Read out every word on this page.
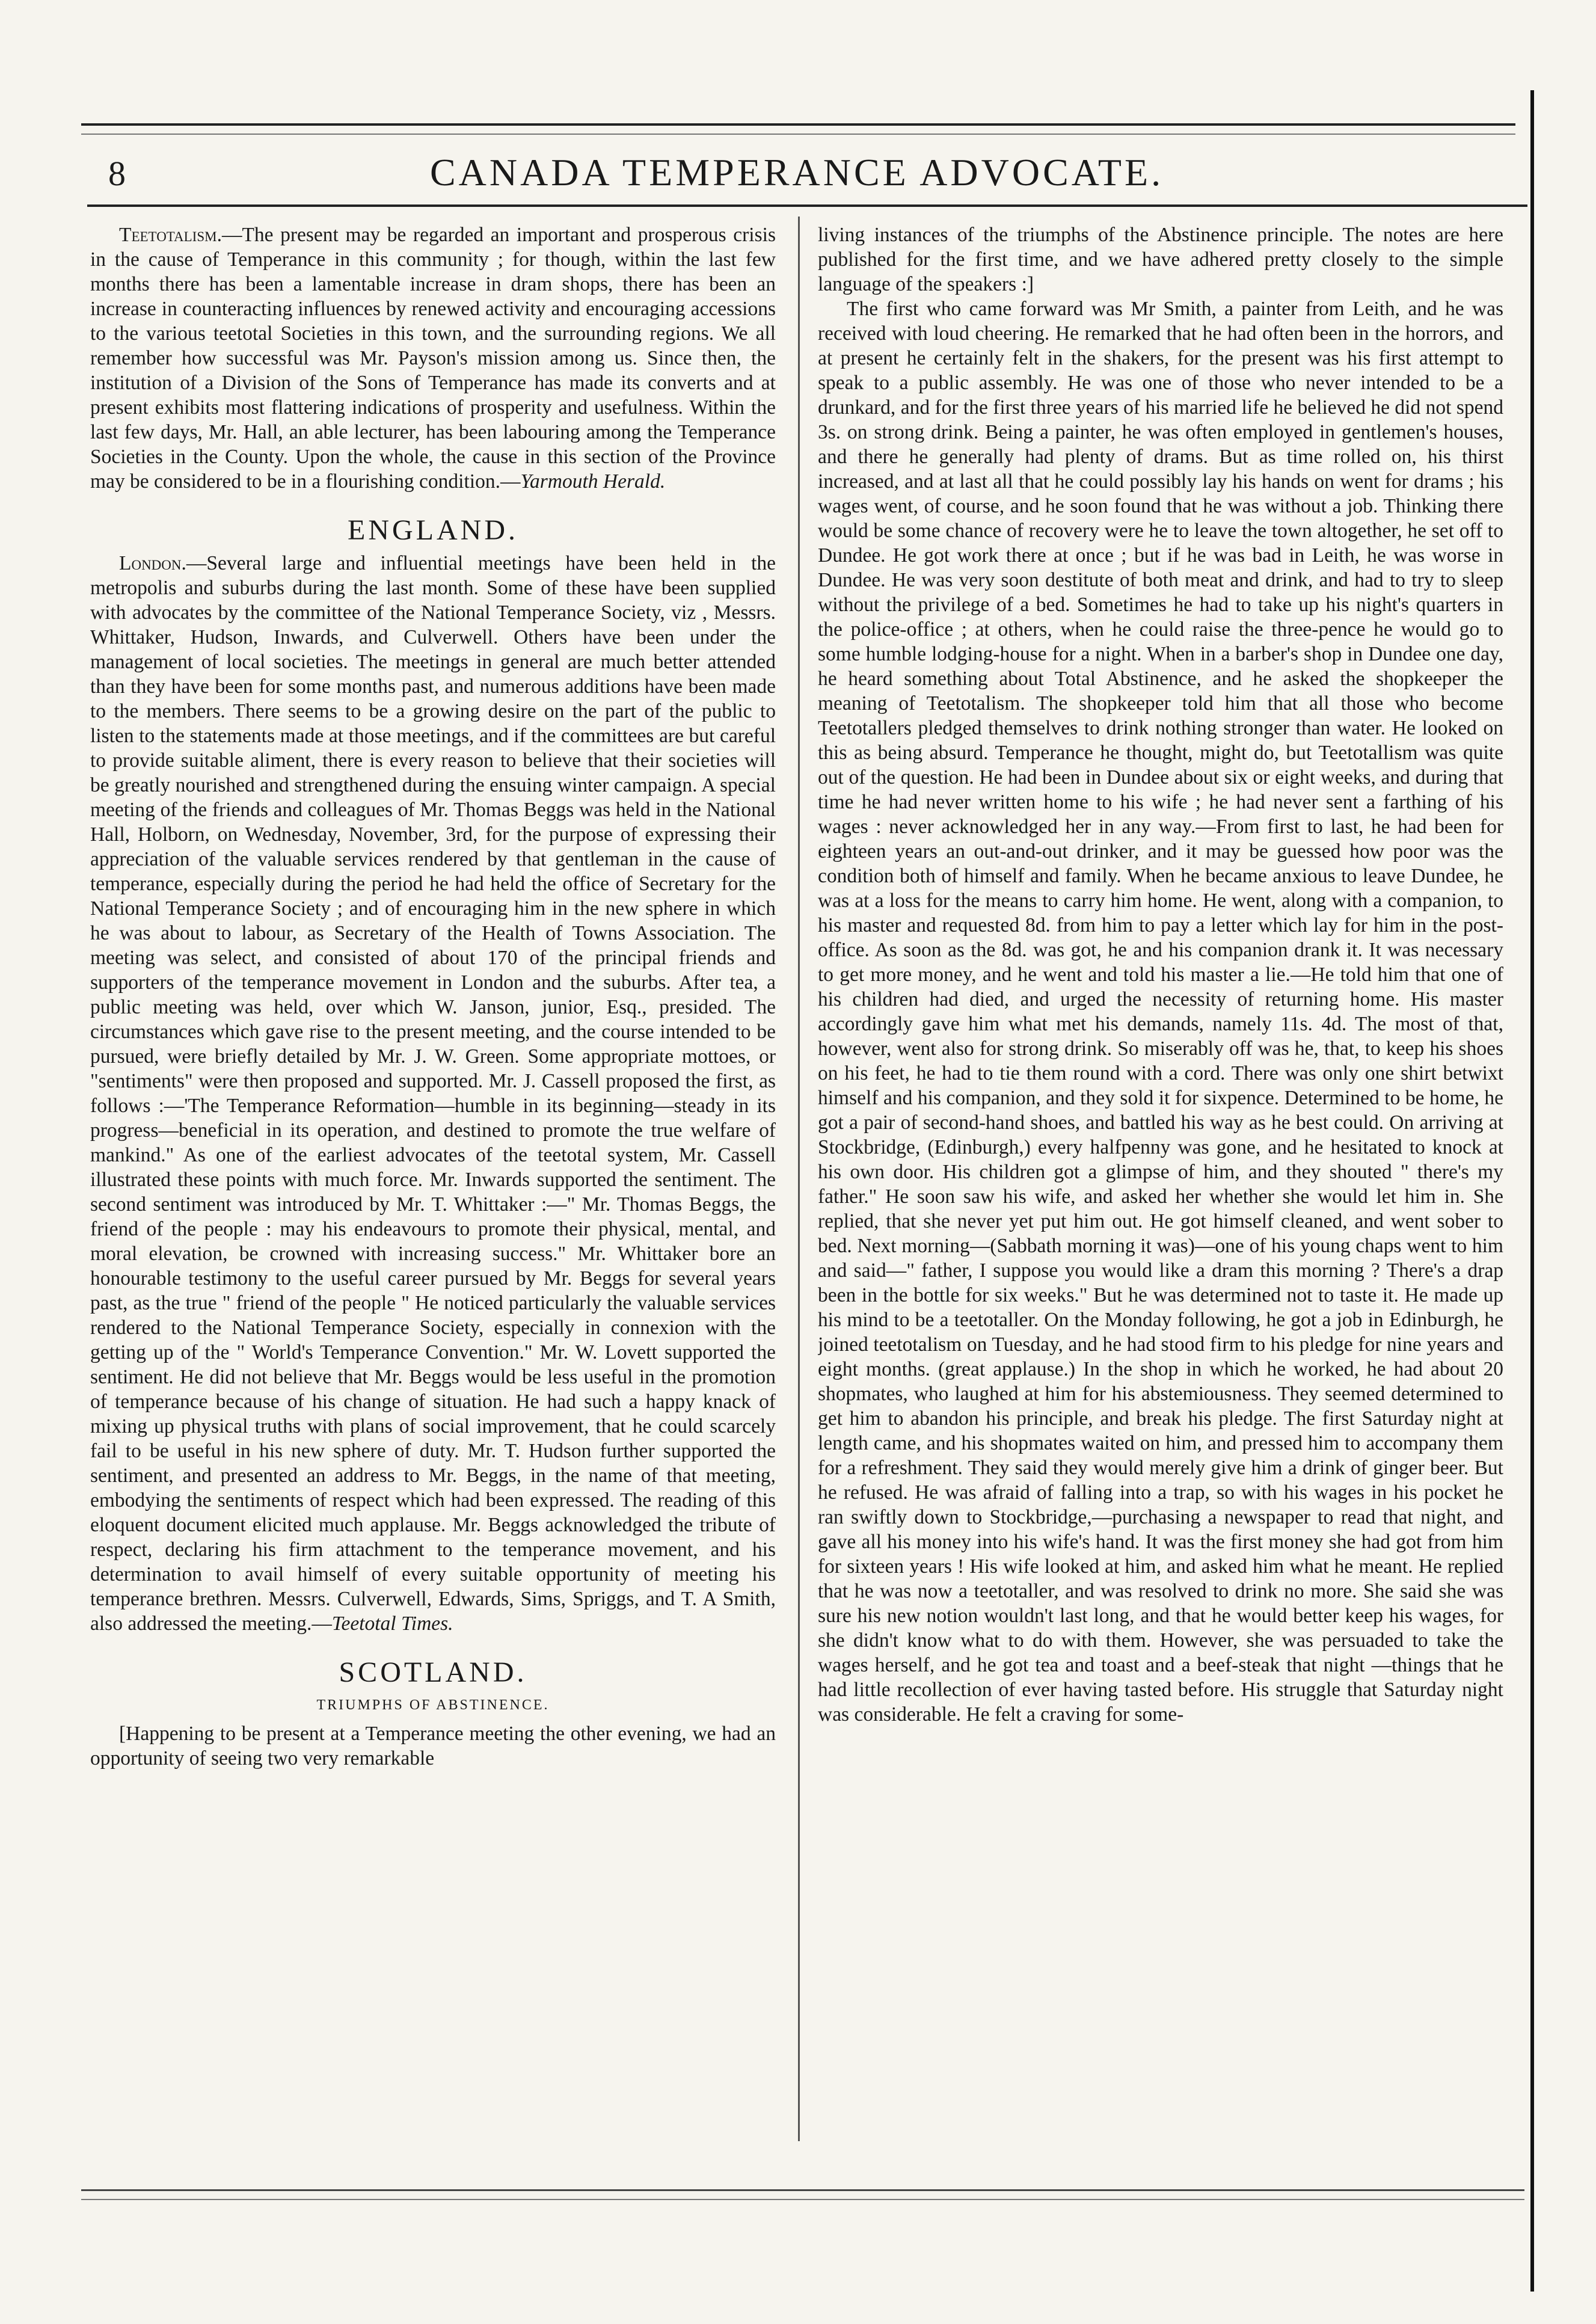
8	CANADA TEMPERANCE ADVOCATE.

Teetotalism.—The present may be regarded an important and prosperous crisis in the cause of Temperance in this community ; for though, within the last few months there has been a lamentable increase in dram shops, there has been an increase in counteracting influences by renewed activity and encouraging accessions to the various teetotal Societies in this town, and the surrounding regions. We all remember how successful was Mr. Payson's mission among us. Since then, the institution of a Division of the Sons of Temperance has made its converts and at present exhibits most flattering indications of prosperity and usefulness. Within the last few days, Mr. Hall, an able lecturer, has been labouring among the Temperance Societies in the County. Upon the whole, the cause in this section of the Province may be considered to be in a flourishing condition.—Yarmouth Herald.

ENGLAND.

London.—Several large and influential meetings have been held in the metropolis and suburbs during the last month. Some of these have been supplied with advocates by the committee of the National Temperance Society, viz , Messrs. Whittaker, Hudson, Inwards, and Culverwell. Others have been under the management of local societies. The meetings in general are much better attended than they have been for some months past, and numerous additions have been made to the members. There seems to be a growing desire on the part of the public to listen to the statements made at those meetings, and if the committees are but careful to provide suitable aliment, there is every reason to believe that their societies will be greatly nourished and strengthened during the ensuing winter campaign. A special meeting of the friends and colleagues of Mr. Thomas Beggs was held in the National Hall, Holborn, on Wednesday, November, 3rd, for the purpose of expressing their appreciation of the valuable services rendered by that gentleman in the cause of temperance, especially during the period he had held the office of Secretary for the National Temperance Society ; and of encouraging him in the new sphere in which he was about to labour, as Secretary of the Health of Towns Association. The meeting was select, and consisted of about 170 of the principal friends and supporters of the temperance movement in London and the suburbs. After tea, a public meeting was held, over which W. Janson, junior, Esq., presided. The circumstances which gave rise to the present meeting, and the course intended to be pursued, were briefly detailed by Mr. J. W. Green. Some appropriate mottoes, or "sentiments" were then proposed and supported. Mr. J. Cassell proposed the first, as follows :—'The Temperance Reformation—humble in its beginning—steady in its progress—beneficial in its operation, and destined to promote the true welfare of mankind." As one of the earliest advocates of the teetotal system, Mr. Cassell illustrated these points with much force. Mr. Inwards supported the sentiment. The second sentiment was introduced by Mr. T. Whittaker :—" Mr. Thomas Beggs, the friend of the people : may his endeavours to promote their physical, mental, and moral elevation, be crowned with increasing success." Mr. Whittaker bore an honourable testimony to the useful career pursued by Mr. Beggs for several years past, as the true " friend of the people " He noticed particularly the valuable services rendered to the National Temperance Society, especially in connexion with the getting up of the " World's Temperance Convention." Mr. W. Lovett supported the sentiment. He did not believe that Mr. Beggs would be less useful in the promotion of temperance because of his change of situation. He had such a happy knack of mixing up physical truths with plans of social improvement, that he could scarcely fail to be useful in his new sphere of duty. Mr. T. Hudson further supported the sentiment, and presented an address to Mr. Beggs, in the name of that meeting, embodying the sentiments of respect which had been expressed. The reading of this eloquent document elicited much applause. Mr. Beggs acknowledged the tribute of respect, declaring his firm attachment to the temperance movement, and his determination to avail himself of every suitable opportunity of meeting his temperance brethren. Messrs. Culverwell, Edwards, Sims, Spriggs, and T. A Smith, also addressed the meeting.—Teetotal Times.

SCOTLAND.
TRIUMPHS OF ABSTINENCE.

[Happening to be present at a Temperance meeting the other evening, we had an opportunity of seeing two very remarkable

living instances of the triumphs of the Abstinence principle. The notes are here published for the first time, and we have adhered pretty closely to the simple language of the speakers :]

The first who came forward was Mr Smith, a painter from Leith, and he was received with loud cheering. He remarked that he had often been in the horrors, and at present he certainly felt in the shakers, for the present was his first attempt to speak to a public assembly. He was one of those who never intended to be a drunkard, and for the first three years of his married life he believed he did not spend 3s. on strong drink. Being a painter, he was often employed in gentlemen's houses, and there he generally had plenty of drams. But as time rolled on, his thirst increased, and at last all that he could possibly lay his hands on went for drams ; his wages went, of course, and he soon found that he was without a job. Thinking there would be some chance of recovery were he to leave the town altogether, he set off to Dundee. He got work there at once ; but if he was bad in Leith, he was worse in Dundee. He was very soon destitute of both meat and drink, and had to try to sleep without the privilege of a bed. Sometimes he had to take up his night's quarters in the police-office ; at others, when he could raise the three-pence he would go to some humble lodging-house for a night. When in a barber's shop in Dundee one day, he heard something about Total Abstinence, and he asked the shopkeeper the meaning of Teetotalism. The shopkeeper told him that all those who become Teetotallers pledged themselves to drink nothing stronger than water. He looked on this as being absurd. Temperance he thought, might do, but Teetotallism was quite out of the question. He had been in Dundee about six or eight weeks, and during that time he had never written home to his wife ; he had never sent a farthing of his wages : never acknowledged her in any way.—From first to last, he had been for eighteen years an out-and-out drinker, and it may be guessed how poor was the condition both of himself and family. When he became anxious to leave Dundee, he was at a loss for the means to carry him home. He went, along with a companion, to his master and requested 8d. from him to pay a letter which lay for him in the post-office. As soon as the 8d. was got, he and his companion drank it. It was necessary to get more money, and he went and told his master a lie.—He told him that one of his children had died, and urged the necessity of returning home. His master accordingly gave him what met his demands, namely 11s. 4d. The most of that, however, went also for strong drink. So miserably off was he, that, to keep his shoes on his feet, he had to tie them round with a cord. There was only one shirt betwixt himself and his companion, and they sold it for sixpence. Determined to be home, he got a pair of second-hand shoes, and battled his way as he best could. On arriving at Stockbridge, (Edinburgh,) every halfpenny was gone, and he hesitated to knock at his own door. His children got a glimpse of him, and they shouted " there's my father." He soon saw his wife, and asked her whether she would let him in. She replied, that she never yet put him out. He got himself cleaned, and went sober to bed. Next morning—(Sabbath morning it was)—one of his young chaps went to him and said—" father, I suppose you would like a dram this morning ? There's a drap been in the bottle for six weeks." But he was determined not to taste it. He made up his mind to be a teetotaller. On the Monday following, he got a job in Edinburgh, he joined teetotalism on Tuesday, and he had stood firm to his pledge for nine years and eight months. (great applause.) In the shop in which he worked, he had about 20 shopmates, who laughed at him for his abstemiousness. They seemed determined to get him to abandon his principle, and break his pledge. The first Saturday night at length came, and his shopmates waited on him, and pressed him to accompany them for a refreshment. They said they would merely give him a drink of ginger beer. But he refused. He was afraid of falling into a trap, so with his wages in his pocket he ran swiftly down to Stockbridge,—purchasing a newspaper to read that night, and gave all his money into his wife's hand. It was the first money she had got from him for sixteen years ! His wife looked at him, and asked him what he meant. He replied that he was now a teetotaller, and was resolved to drink no more. She said she was sure his new notion wouldn't last long, and that he would better keep his wages, for she didn't know what to do with them. However, she was persuaded to take the wages herself, and he got tea and toast and a beef-steak that night —things that he had little recollection of ever having tasted before. His struggle that Saturday night was considerable. He felt a craving for some-
